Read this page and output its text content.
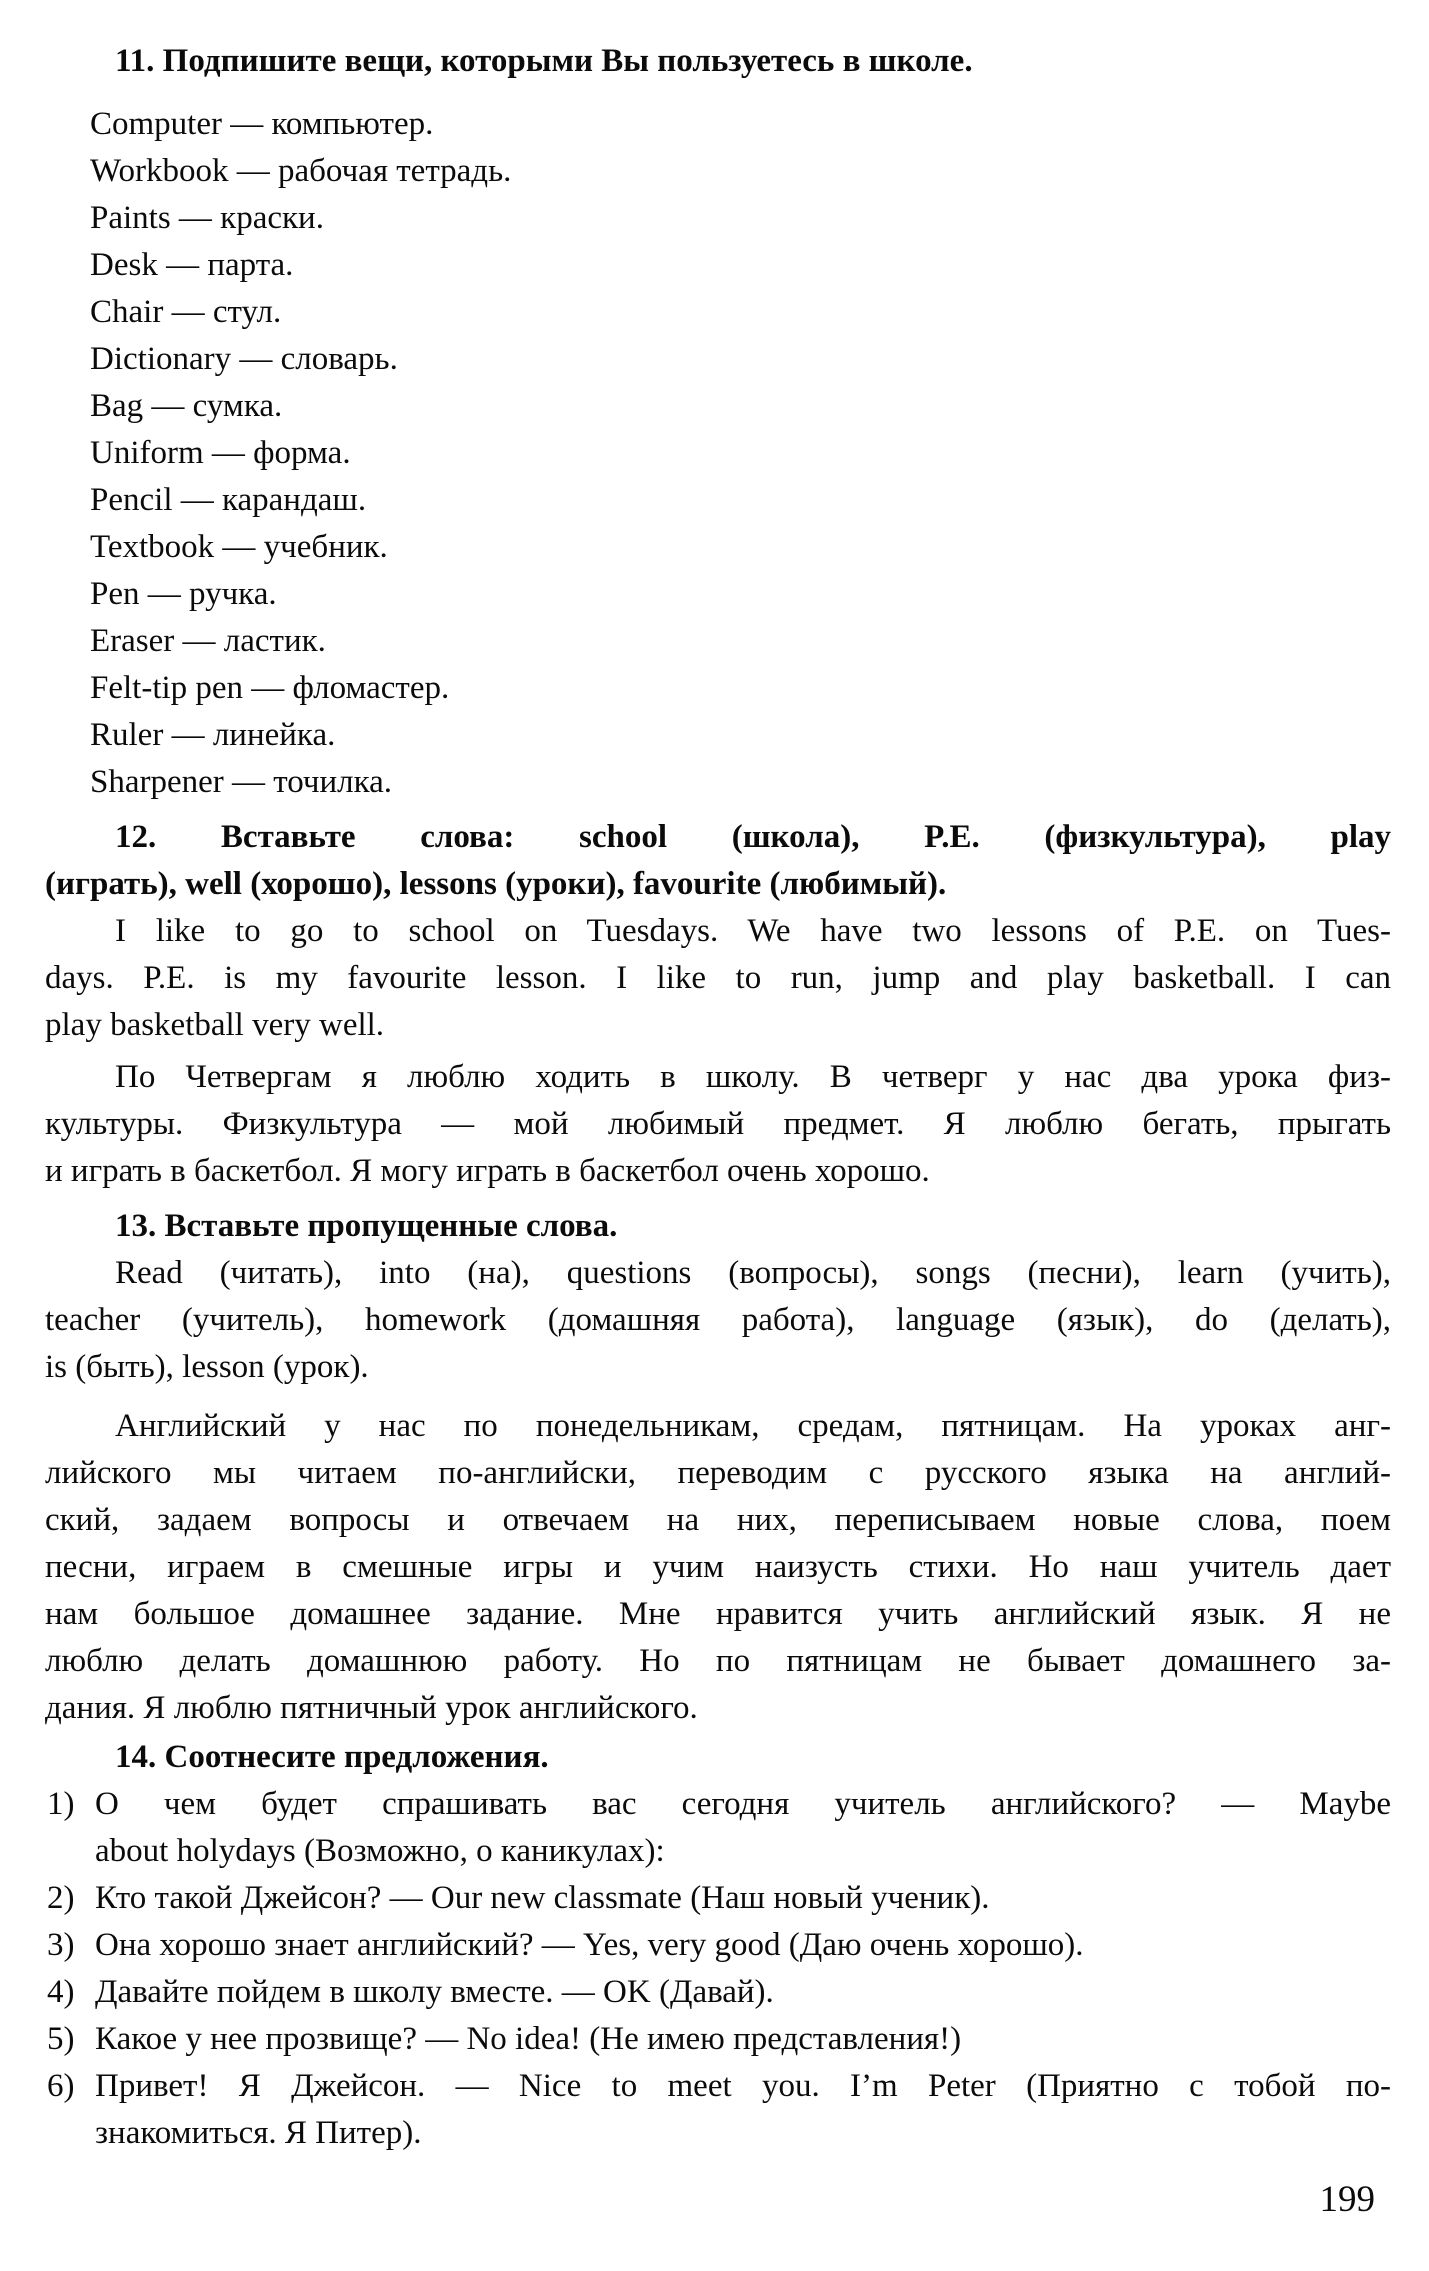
11. Подпишите вещи, которыми Вы пользуетесь в школе.
Computer — компьютер.
Workbook — рабочая тетрадь.
Paints — краски.
Desk — парта.
Chair — стул.
Dictionary — словарь.
Bag — сумка.
Uniform — форма.
Pencil — карандаш.
Textbook — учебник.
Pen — ручка.
Eraser — ластик.
Felt-tip pen — фломастер.
Ruler — линейка.
Sharpener — точилка.
12. Вставьте слова: school (школа), P.E. (физкультура), play
(играть), well (хорошо), lessons (уроки), favourite (любимый).
I like to go to school on Tuesdays. We have two lessons of P.E. on Tues-
days. P.E. is my favourite lesson. I like to run, jump and play basketball. I can
play basketball very well.
По Четвергам я люблю ходить в школу. В четверг у нас два урока физ-
культуры. Физкультура — мой любимый предмет. Я люблю бегать, прыгать
и играть в баскетбол. Я могу играть в баскетбол очень хорошо.
13. Вставьте пропущенные слова.
Read (читать), into (на), questions (вопросы), songs (песни), learn (учить),
teacher (учитель), homework (домашняя работа), language (язык), do (делать),
is (быть), lesson (урок).
Английский у нас по понедельникам, средам, пятницам. На уроках анг-
лийского мы читаем по-английски, переводим с русского языка на англий-
ский, задаем вопросы и отвечаем на них, переписываем новые слова, поем
песни, играем в смешные игры и учим наизусть стихи. Но наш учитель дает
нам большое домашнее задание. Мне нравится учить английский язык. Я не
люблю делать домашнюю работу. Но по пятницам не бывает домашнего за-
дания. Я люблю пятничный урок английского.
14. Соотнесите предложения.
1) О чем будет спрашивать вас сегодня учитель английского? — Maybe
about holydays (Возможно, о каникулах):
2) Кто такой Джейсон? — Our new classmate (Наш новый ученик).
3) Она хорошо знает английский? — Yes, very good (Даю очень хорошо).
4) Давайте пойдем в школу вместе. — OK (Давай).
5) Какое у нее прозвище? — No idea! (Не имею представления!)
6) Привет! Я Джейсон. — Nice to meet you. I’m Peter (Приятно с тобой по-
знакомиться. Я Питер).
199
